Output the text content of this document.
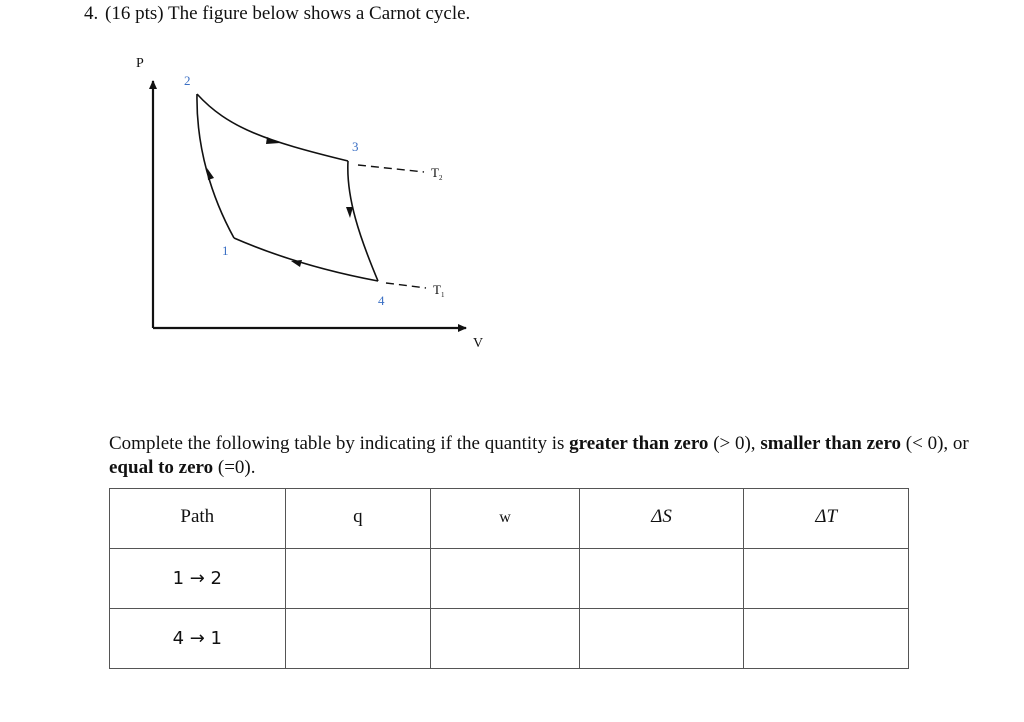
4. (16 pts) The figure below shows a Carnot cycle.
P
V
2
3
1
4
$T_2$
$T_1$
Complete the following table by indicating if the quantity is greater than zero (> 0), smaller than zero (< 0), or equal to zero (=0).
Path	q	w	ΔS	ΔT
1 → 2				
4 → 1				
